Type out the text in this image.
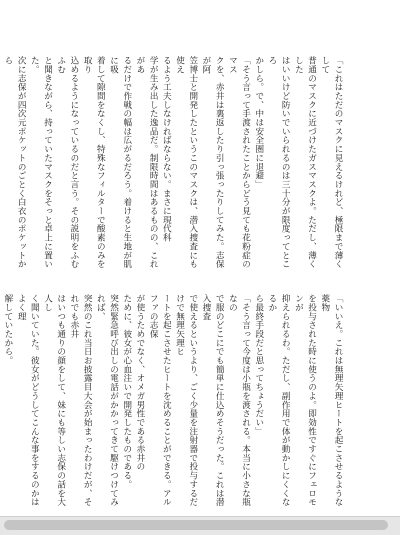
「これはただのマスクに見えるけれど、極限まで薄くして
普通のマスクに近づけたガスマスクよ。ただし、薄くした
はいいけど防いでいられるのは三十分が限度ってところ
かしら。で、中は安全圏に退避」
「そう言って手渡されたことからどう見ても花粉症のマス
クを、赤井は裏返したり引っ張ったりしてみた。志保が阿
笠博士と開発したというこのマスクは、潜入捜査にも使え
るよう工夫しなければならない。まさに現代科
学が生み出した逸品だ。制限時間はあるものの、これがあ
るだけで作戦の幅は広がるだろう。着けると生地が肌に吸
着して隙間をなくし、特殊なフィルターで酸素のみを取り
込めるようになっているのだと言う。その説明をふむふむ
と聞きながら、持っていたマスクをそっと卓上に置いた。
次に志保が四次元ポケットのごとく白衣のポケットから

「いいえ。これは無理矢理ヒートを起こさせるような薬物
を投与された時に使うのよ。即効性ですぐにフェロモンが
抑えられるわ。ただし、副作用で体が動かしにくくなるか
ら最終手段だと思ってちょうだい」
「そう言って今度は小瓶を渡される。本当に小さな瓶なの
で服のどこにでも簡単に仕込めそうだった。これは潜入捜査
で使えるというより、ごく少量を注射器で投与するだけで無理矢理ヒ
ートを起こさせたヒートを沈めることができる。アルファの志保
が使うためでなく、オメガ男性である赤井の
ために、彼女が心血注いで開発したものである。
突然緊急呼び出しの電話がかかってきて駆けつけてみれば、
突然のこれ当日お披露目大会が始まったわけだが、それでも赤井
はいつも通りの顔をして、妹にも等しい志保の話を大人し
く聞いていた。彼女がどうしてこんな事をするのかはよく理
解していたから。
